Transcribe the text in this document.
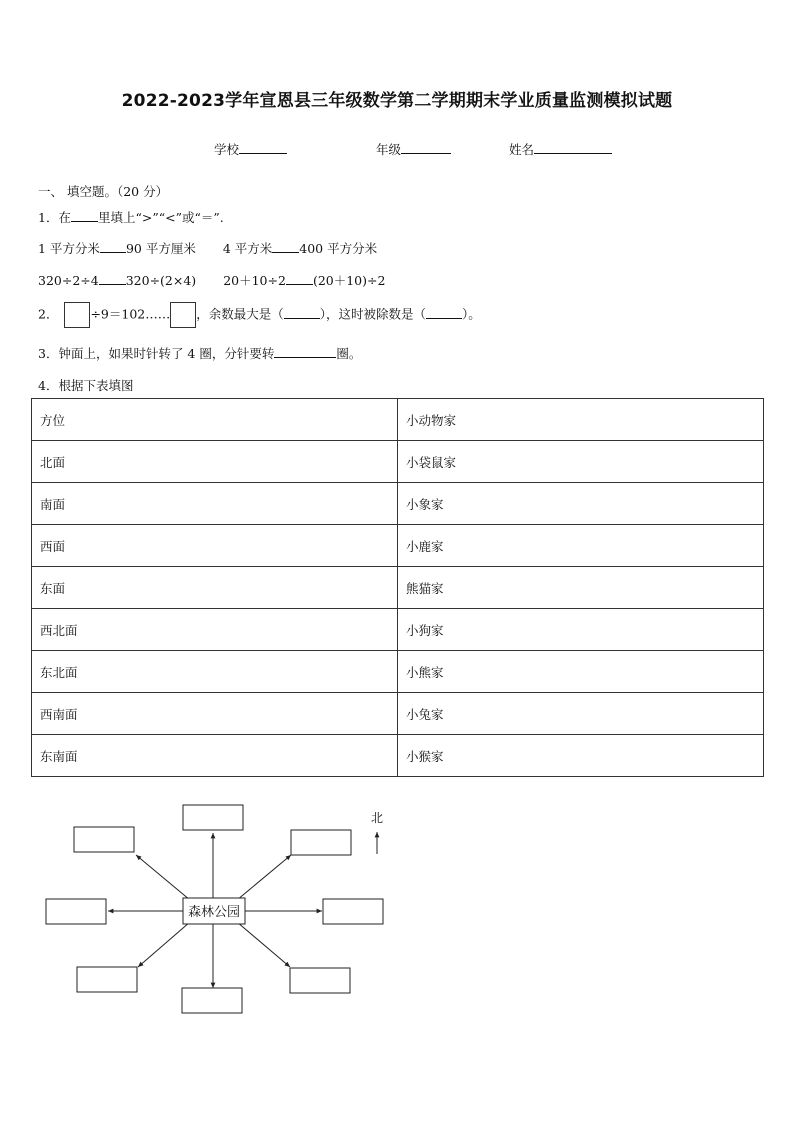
2022-2023学年宣恩县三年级数学第二学期期末学业质量监测模拟试题
学校	年级	姓名
一、 填空题。（20 分）
1．在 里填上“>”“<”或“＝”.
1 平方分米 90 平方厘米 4 平方米 400 平方分米
320÷2÷4 320÷(2×4) 20＋10÷2 (20＋10)÷2
2．	÷9＝102…… ，余数最大是（	），这时被除数是（	）。
3．钟面上，如果时针转了 4 圈，分针要转	圈。
4．根据下表填图
方位	小动物家
北面	小袋鼠家
南面	小象家
西面	小鹿家
东面	熊猫家
西北面	小狗家
东北面	小熊家
西南面	小兔家
东南面	小猴家
森林公园
北
